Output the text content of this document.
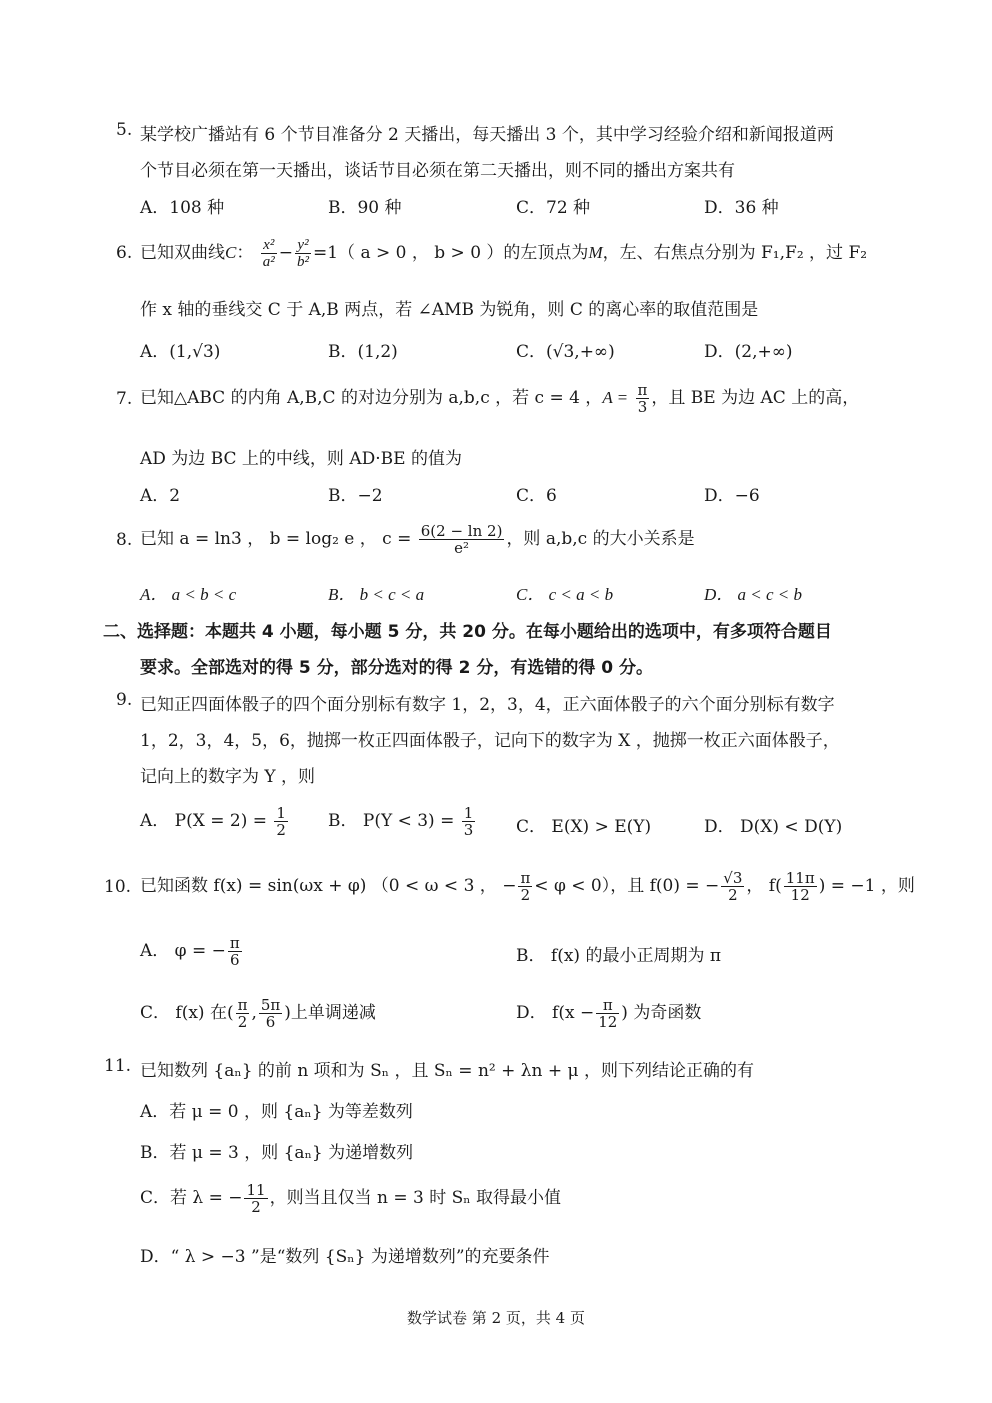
5. 某学校广播站有 6 个节目准备分 2 天播出，每天播出 3 个，其中学习经验介绍和新闻报道两
个节目必须在第一天播出，谈话节目必须在第二天播出，则不同的播出方案共有
A．108 种	B．90 种	C．72 种	D．36 种
6. 已知双曲线C： $\frac{\text{x²}}{\text{a²}} - \frac{\text{y²}}{\text{b²}} =1$（ a > 0 ， b > 0 ）的左顶点为M，左、右焦点分别为 F₁,F₂ ，过 F₂
作 x 轴的垂线交 C 于 A,B 两点，若 ∠AMB 为锐角，则 C 的离心率的取值范围是
A．(1,√3)	B．(1,2)	C．(√3,+∞)	D．(2,+∞)
7. 已知△ABC 的内角 A,B,C 的对边分别为 a,b,c ，若 c = 4 ，$A = \frac{\pi}{3}$ ，且 BE 为边 AC 上的高，
AD 为边 BC 上的中线，则 AD·BE 的值为
A．2	B．−2	C．6	D．−6
8. 已知 a = ln3 ， b = log₂ e ， $c = \frac{6(2 - \ln 2)}{\text{e²}}$ ，则 a,b,c 的大小关系是
A． a < b < c	B． b < c < a	C． c < a < b	D． a < c < b
二、选择题：本题共 4 小题，每小题 5 分，共 20 分。在每小题给出的选项中，有多项符合题目
要求。全部选对的得 5 分，部分选对的得 2 分，有选错的得 0 分。
9. 已知正四面体骰子的四个面分别标有数字 1，2，3，4，正六面体骰子的六个面分别标有数字
1，2，3，4，5，6，抛掷一枚正四面体骰子，记向下的数字为 X ，抛掷一枚正六面体骰子，
记向上的数字为 Y ，则
A． $P(X = 2) = \frac{1}{2}$ B． $P(Y < 3) = \frac{1}{3}$ C． E(X) > E(Y)	D． D(X) < D(Y)
10. 已知函数 f(x) = sin(ωx + φ) （0 < ω < 3 ， − $\frac{\pi}{2} < \varphi < 0$），且 f(0) = − $\frac{√3}{2}$ ， $f( \frac{11\pi}{12}$ ) = −1 ，则
A． φ = − $\frac{\pi}{6}$	B． f(x) 的最小正周期为 π
C． f(x) 在( $\frac{\pi}{2}$ , $\frac{5\pi}{6}$ )上单调递减	D． $f(x - \frac{\pi}{12}$ ) 为奇函数
11. 已知数列 {aₙ} 的前 n 项和为 Sₙ ，且 Sₙ = n² + λn + μ ，则下列结论正确的有
A．若 μ = 0 ，则 {aₙ} 为等差数列
B．若 μ = 3 ，则 {aₙ} 为递增数列
C．若 λ = − $\frac{11}{2}$ ，则当且仅当 n = 3 时 Sₙ 取得最小值
D．“ λ > −3 ”是“数列 {Sₙ} 为递增数列”的充要条件
数学试卷 第 2 页，共 4 页
